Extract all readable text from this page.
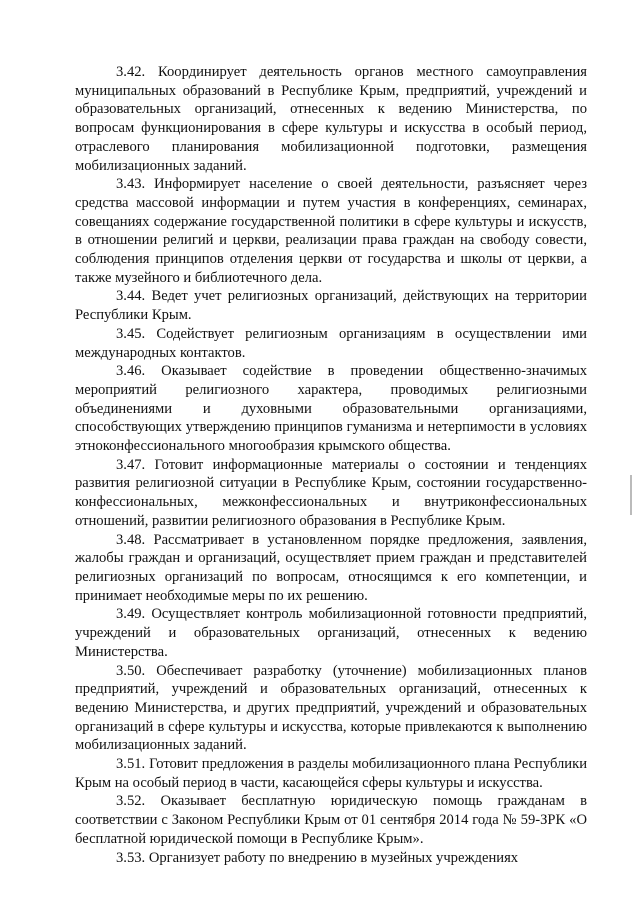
3.42. Координирует деятельность органов местного самоуправления муниципальных образований в Республике Крым, предприятий, учреждений и образовательных организаций, отнесенных к ведению Министерства, по вопросам функционирования в сфере культуры и искусства в особый период, отраслевого планирования мобилизационной подготовки, размещения мобилизационных заданий.

3.43. Информирует население о своей деятельности, разъясняет через средства массовой информации и путем участия в конференциях, семинарах, совещаниях содержание государственной политики в сфере культуры и искусств, в отношении религий и церкви, реализации права граждан на свободу совести, соблюдения принципов отделения церкви от государства и школы от церкви, а также музейного и библиотечного дела.

3.44. Ведет учет религиозных организаций, действующих на территории Республики Крым.

3.45. Содействует религиозным организациям в осуществлении ими международных контактов.

3.46. Оказывает содействие в проведении общественно-значимых мероприятий религиозного характера, проводимых религиозными объединениями и духовными образовательными организациями, способствующих утверждению принципов гуманизма и нетерпимости в условиях этноконфессионального многообразия крымского общества.

3.47. Готовит информационные материалы о состоянии и тенденциях развития религиозной ситуации в Республике Крым, состоянии государственно-конфессиональных, межконфессиональных и внутриконфессиональных отношений, развитии религиозного образования в Республике Крым.

3.48. Рассматривает в установленном порядке предложения, заявления, жалобы граждан и организаций, осуществляет прием граждан и представителей религиозных организаций по вопросам, относящимся к его компетенции, и принимает необходимые меры по их решению.

3.49. Осуществляет контроль мобилизационной готовности предприятий, учреждений и образовательных организаций, отнесенных к ведению Министерства.

3.50. Обеспечивает разработку (уточнение) мобилизационных планов предприятий, учреждений и образовательных организаций, отнесенных к ведению Министерства, и других предприятий, учреждений и образовательных организаций в сфере культуры и искусства, которые привлекаются к выполнению мобилизационных заданий.

3.51. Готовит предложения в разделы мобилизационного плана Республики Крым на особый период в части, касающейся сферы культуры и искусства.

3.52. Оказывает бесплатную юридическую помощь гражданам в соответствии с Законом Республики Крым от 01 сентября 2014 года № 59-ЗРК «О бесплатной юридической помощи в Республике Крым».

3.53. Организует работу по внедрению в музейных учреждениях
